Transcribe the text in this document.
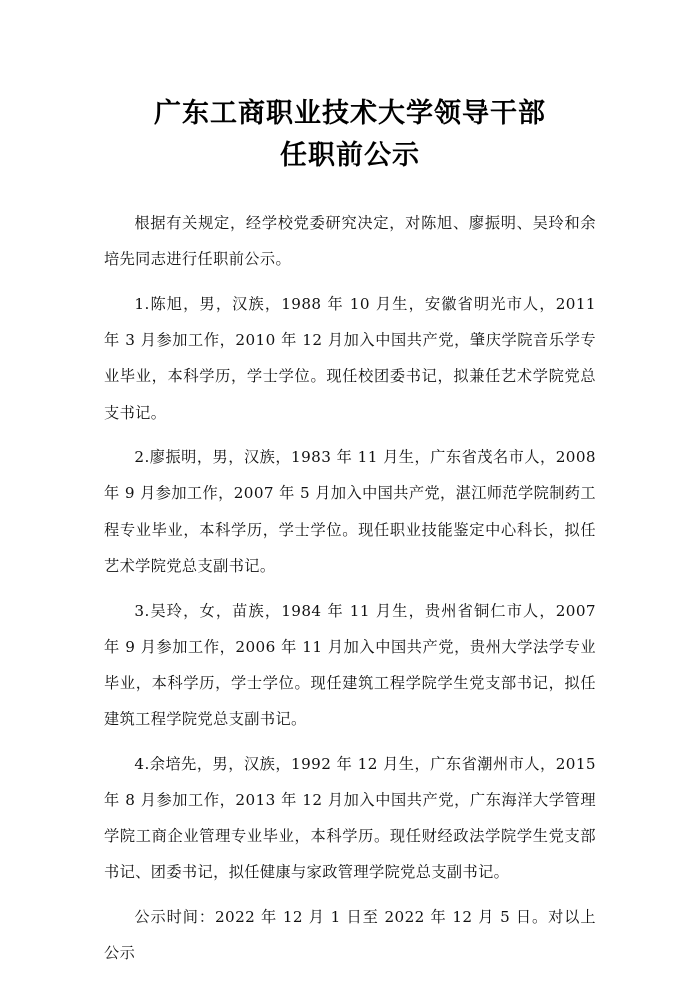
广东工商职业技术大学领导干部
任职前公示

根据有关规定，经学校党委研究决定，对陈旭、廖振明、吴玲和余培先同志进行任职前公示。

1.陈旭，男，汉族，1988 年 10 月生，安徽省明光市人，2011 年 3 月参加工作，2010 年 12 月加入中国共产党，肇庆学院音乐学专业毕业，本科学历，学士学位。现任校团委书记，拟兼任艺术学院党总支书记。

2.廖振明，男，汉族，1983 年 11 月生，广东省茂名市人，2008 年 9 月参加工作，2007 年 5 月加入中国共产党，湛江师范学院制药工程专业毕业，本科学历，学士学位。现任职业技能鉴定中心科长，拟任艺术学院党总支副书记。

3.吴玲，女，苗族，1984 年 11 月生，贵州省铜仁市人，2007 年 9 月参加工作，2006 年 11 月加入中国共产党，贵州大学法学专业毕业，本科学历，学士学位。现任建筑工程学院学生党支部书记，拟任建筑工程学院党总支副书记。

4.余培先，男，汉族，1992 年 12 月生，广东省潮州市人，2015 年 8 月参加工作，2013 年 12 月加入中国共产党，广东海洋大学管理学院工商企业管理专业毕业，本科学历。现任财经政法学院学生党支部书记、团委书记，拟任健康与家政管理学院党总支副书记。

公示时间：2022 年 12 月 1 日至 2022 年 12 月 5 日。对以上公示
